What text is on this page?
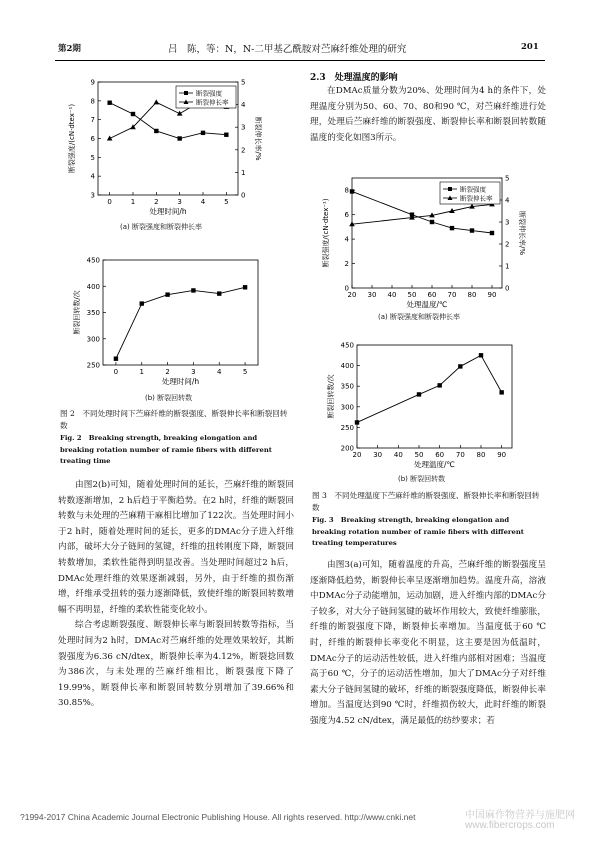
第2期	吕　陈，等：N，N-二甲基乙酰胺对苎麻纤维处理的研究	201
0	1	2	3	4	5
3
4
5
6
7
8
9
0
1
2
3
4
5
处理时间/h
断裂强度/(cN·dtex⁻¹)	断裂伸长率/%
断裂强度
断裂伸长率
(a) 断裂强度和断裂伸长率
0	1	2	3	4	5
250
300
350
400
450
处理时间/h
断裂回转数/次
(b) 断裂回转数
图 2　不同处理时间下苎麻纤维的断裂强度、断裂伸长率和断裂回转数
Fig. 2 Breaking strength, breaking elongation and breaking rotation number of ramie fibers with different treating time

由图2(b)可知，随着处理时间的延长，苎麻纤维的断裂回转数逐渐增加，2 h后趋于平衡趋势。在2 h时，纤维的断裂回转数与未处理的苎麻精干麻相比增加了122次。当处理时间小于2 h时，随着处理时间的延长，更多的DMAc分子进入纤维内部，破坏大分子链间的氢键，纤维的扭转刚度下降，断裂回转数增加，柔软性能得到明显改善。当处理时间超过2 h后，DMAc处理纤维的效果逐渐减弱，另外，由于纤维的损伤渐增，纤维承受扭转的强力逐渐降低，致使纤维的断裂回转数增幅不再明显，纤维的柔软性能变化较小。

综合考虑断裂强度、断裂伸长率与断裂回转数等指标，当处理时间为2 h时，DMAc对苎麻纤维的处理效果较好，其断裂强度为6.36 cN/dtex，断裂伸长率为4.12%，断裂捻回数为386次，与未处理的苎麻纤维相比，断裂强度下降了19.99%，断裂伸长率和断裂回转数分别增加了39.66%和30.85%。

2.3　处理温度的影响

在DMAc质量分数为20%、处理时间为4 h的条件下，处理温度分别为50、60、70、80和90 ℃，对苎麻纤维进行处理，处理后苎麻纤维的断裂强度、断裂伸长率和断裂回转数随温度的变化如图3所示。

20 30 40 50 60 70 80 90
0
2
4
6
8
0
1
2
3
4
5
处理温度/℃
断裂强度/(cN·dtex⁻¹)	断裂伸长率/%
断裂强度
断裂伸长率
(a) 断裂强度和断裂伸长率
20 30 40 50 60 70 80 90
200
250
300
350
400
450
处理温度/℃
断裂回转数/次
(b) 断裂回转数
图 3　不同处理温度下苎麻纤维的断裂强度、断裂伸长率和断裂回转数
Fig. 3 Breaking strength, breaking elongation and breaking rotation number of ramie fibers with different treating temperatures

由图3(a)可知，随着温度的升高，苎麻纤维的断裂强度呈逐渐降低趋势，断裂伸长率呈逐渐增加趋势。温度升高，溶液中DMAc分子动能增加，运动加剧，进入纤维内部的DMAc分子较多，对大分子链间氢键的破坏作用较大，致使纤维膨胀，纤维的断裂强度下降，断裂伸长率增加。当温度低于60 ℃时，纤维的断裂伸长率变化不明显，这主要是因为低温时，DMAc分子的运动活性较低，进入纤维内部相对困难；当温度高于60 ℃，分子的运动活性增加，加大了DMAc分子对纤维素大分子链间氢键的破坏，纤维的断裂强度降低，断裂伸长率增加。当温度达到90 ℃时，纤维损伤较大，此时纤维的断裂强度为4.52 cN/dtex，满足最低的纺纱要求；若

?1994-2017 China Academic Journal Electronic Publishing House. All rights reserved. http://www.cnki.net	中国麻作物营养与施肥网
www.fibercrops.com
